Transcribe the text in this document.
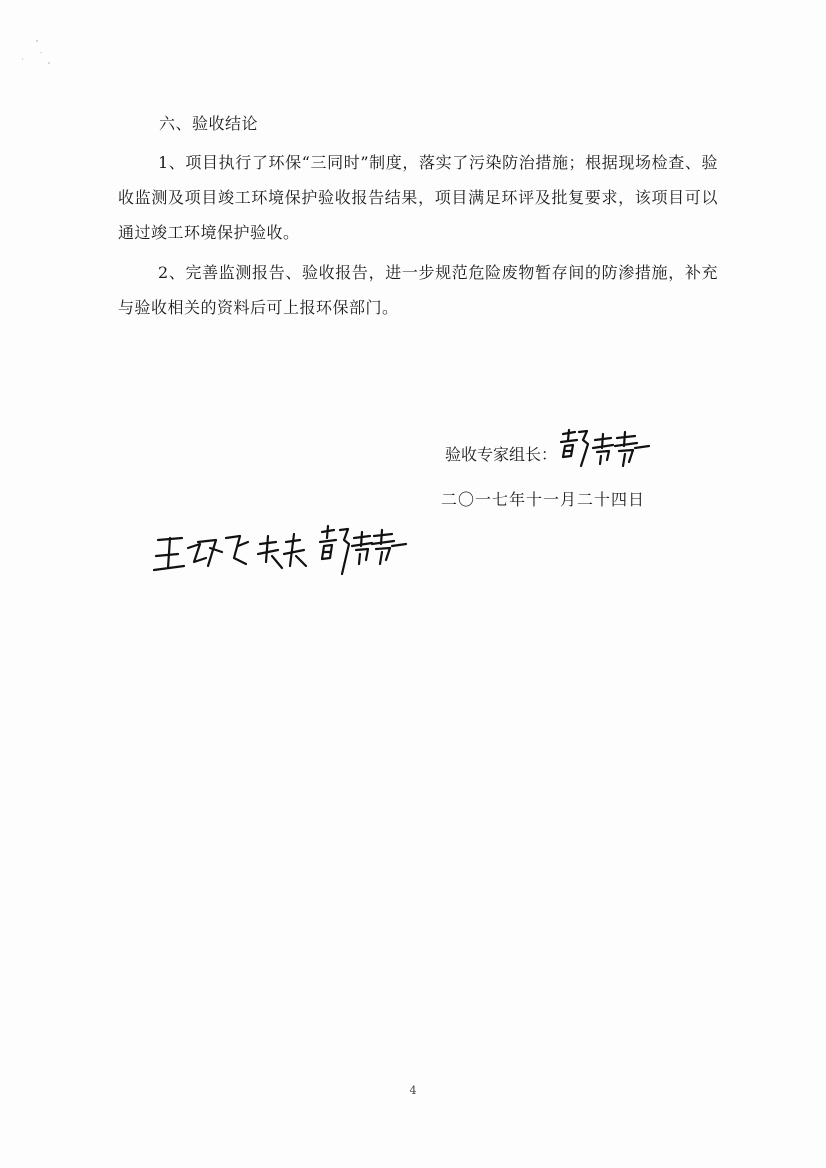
六、验收结论

1、项目执行了环保“三同时”制度，落实了污染防治措施；根据现场检查、验收监测及项目竣工环境保护验收报告结果，项目满足环评及批复要求，该项目可以通过竣工环境保护验收。

2、完善监测报告、验收报告，进一步规范危险废物暂存间的防渗措施，补充与验收相关的资料后可上报环保部门。

验收专家组长：
二〇一七年十一月二十四日
4
